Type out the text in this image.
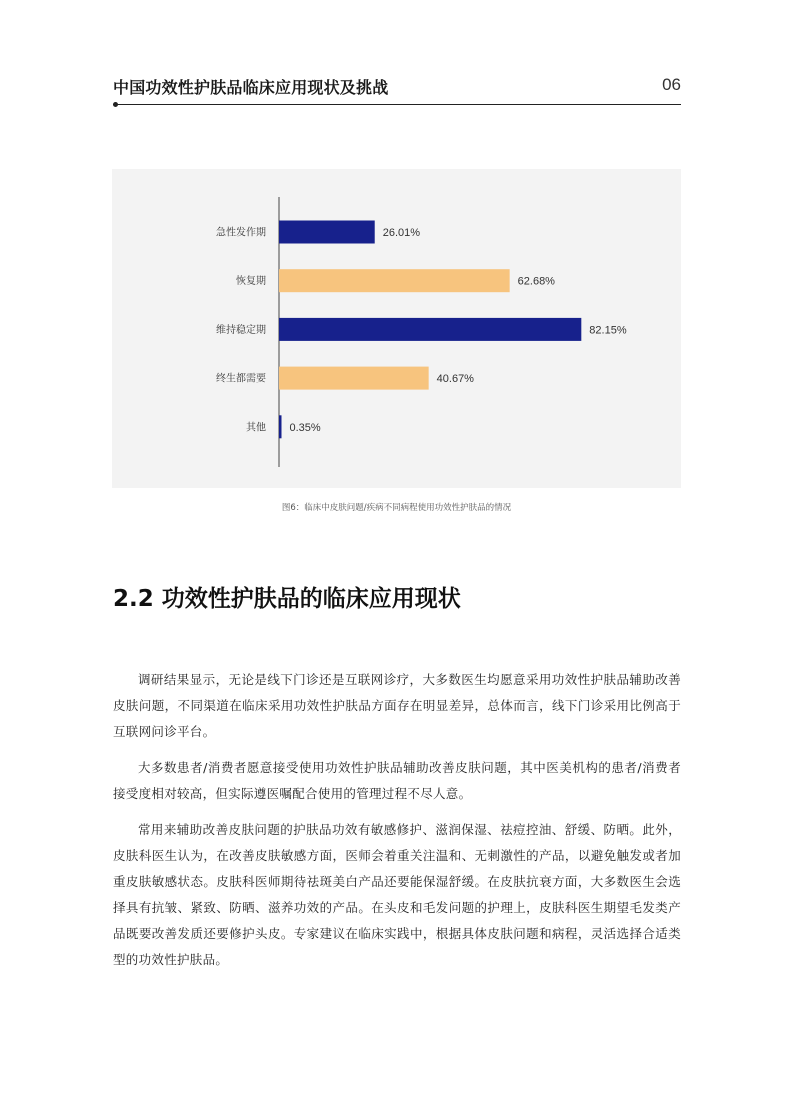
中国功效性护肤品临床应用现状及挑战	06
急性发作期	26.01%
恢复期	62.68%
维持稳定期	82.15%
终生都需要	40.67%
其他 0.35%
图6：临床中皮肤问题/疾病不同病程使用功效性护肤品的情况
2.2 功效性护肤品的临床应用现状

调研结果显示，无论是线下门诊还是互联网诊疗，大多数医生均愿意采用功效性护肤品辅助改善皮肤问题，不同渠道在临床采用功效性护肤品方面存在明显差异，总体而言，线下门诊采用比例高于互联网问诊平台。

大多数患者/消费者愿意接受使用功效性护肤品辅助改善皮肤问题，其中医美机构的患者/消费者接受度相对较高，但实际遵医嘱配合使用的管理过程不尽人意。

常用来辅助改善皮肤问题的护肤品功效有敏感修护、滋润保湿、祛痘控油、舒缓、防晒。此外，皮肤科医生认为，在改善皮肤敏感方面，医师会着重关注温和、无刺激性的产品，以避免触发或者加重皮肤敏感状态。皮肤科医师期待祛斑美白产品还要能保湿舒缓。在皮肤抗衰方面，大多数医生会选择具有抗皱、紧致、防晒、滋养功效的产品。在头皮和毛发问题的护理上，皮肤科医生期望毛发类产品既要改善发质还要修护头皮。专家建议在临床实践中，根据具体皮肤问题和病程，灵活选择合适类型的功效性护肤品。
